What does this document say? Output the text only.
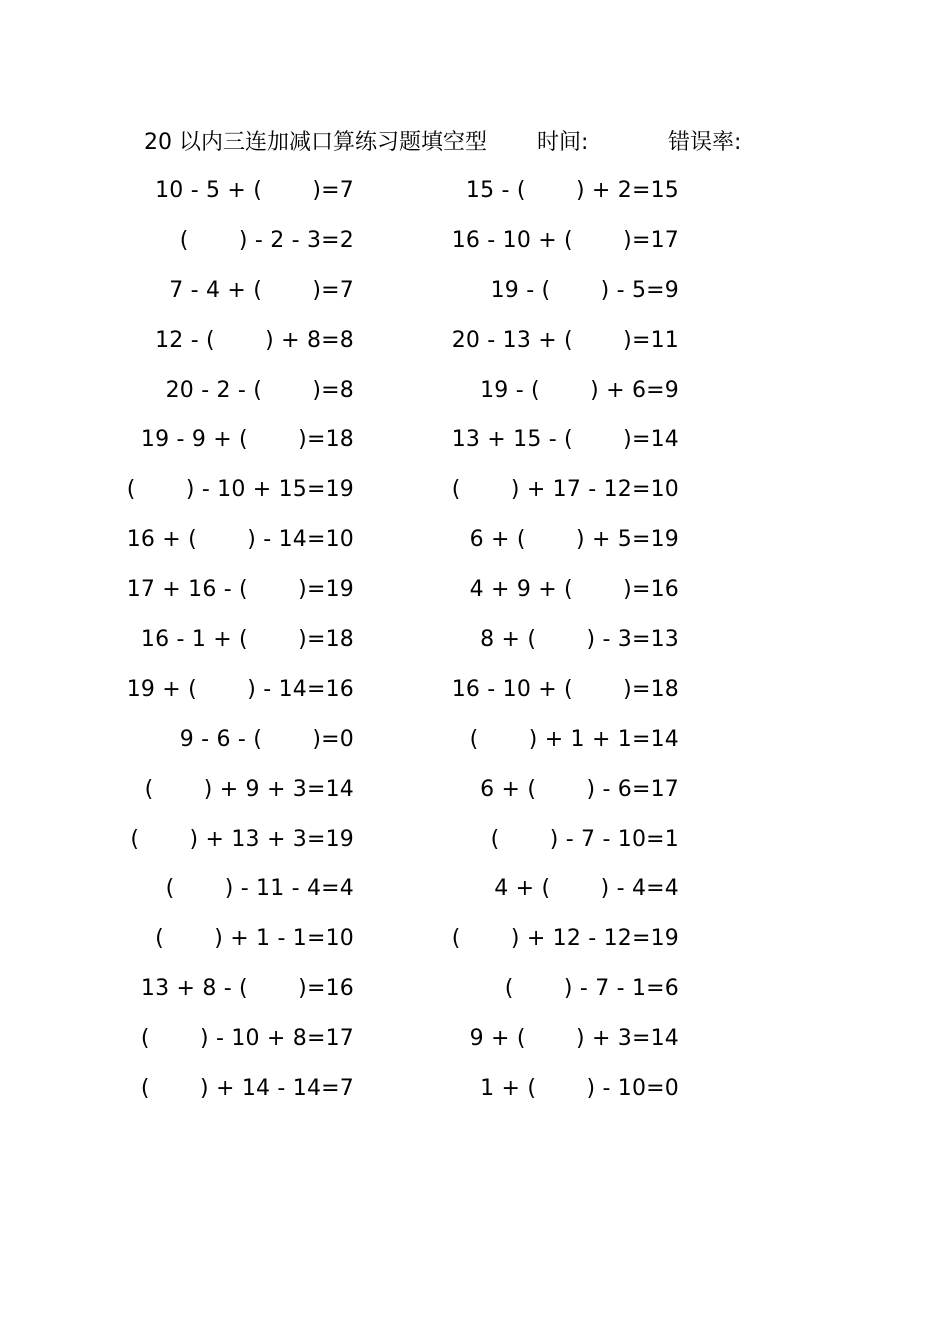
20 以内三连加减口算练习题填空型 时间:	错误率:
10 - 5 + (       )=7	15 - (       ) + 2=15
(       ) - 2 - 3=2	16 - 10 + (       )=17
7 - 4 + (       )=7	19 - (       ) - 5=9
12 - (       ) + 8=8	20 - 13 + (       )=11
20 - 2 - (       )=8	19 - (       ) + 6=9
19 - 9 + (       )=18	13 + 15 - (       )=14
(       ) - 10 + 15=19	(       ) + 17 - 12=10
16 + (       ) - 14=10	6 + (       ) + 5=19
17 + 16 - (       )=19	4 + 9 + (       )=16
16 - 1 + (       )=18	8 + (       ) - 3=13
19 + (       ) - 14=16	16 - 10 + (       )=18
9 - 6 - (       )=0	(       ) + 1 + 1=14
(       ) + 9 + 3=14	6 + (       ) - 6=17
(       ) + 13 + 3=19	(       ) - 7 - 10=1
(       ) - 11 - 4=4	4 + (       ) - 4=4
(       ) + 1 - 1=10	(       ) + 12 - 12=19
13 + 8 - (       )=16	(       ) - 7 - 1=6
(       ) - 10 + 8=17	9 + (       ) + 3=14
(       ) + 14 - 14=7	1 + (       ) - 10=0
